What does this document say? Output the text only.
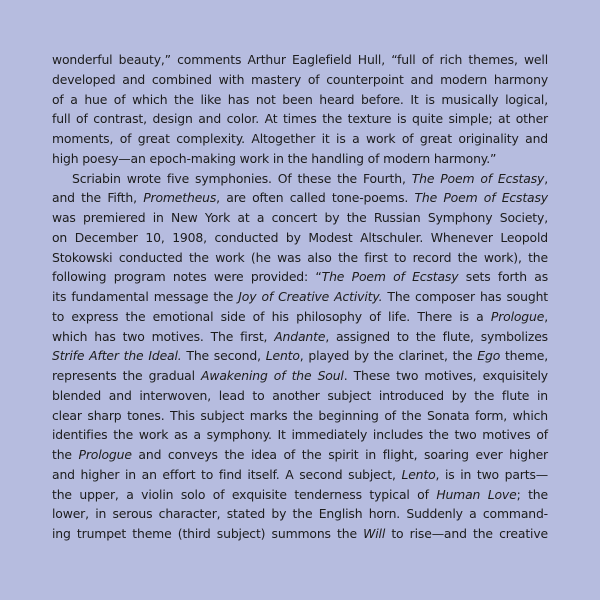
wonderful beauty,” comments Arthur Eaglefield Hull, “full of rich themes, well
developed and combined with mastery of counterpoint and modern harmony
of a hue of which the like has not been heard before. It is musically logical,
full of contrast, design and color. At times the texture is quite simple; at other
moments, of great complexity. Altogether it is a work of great originality and
high poesy—an epoch-making work in the handling of modern harmony.”
Scriabin wrote five symphonies. Of these the Fourth, The Poem of Ecstasy,
and the Fifth, Prometheus, are often called tone-poems. The Poem of Ecstasy
was premiered in New York at a concert by the Russian Symphony Society,
on December 10, 1908, conducted by Modest Altschuler. Whenever Leopold
Stokowski conducted the work (he was also the first to record the work), the
following program notes were provided: “The Poem of Ecstasy sets forth as
its fundamental message the Joy of Creative Activity. The composer has sought
to express the emotional side of his philosophy of life. There is a Prologue,
which has two motives. The first, Andante, assigned to the flute, symbolizes
Strife After the Ideal. The second, Lento, played by the clarinet, the Ego theme,
represents the gradual Awakening of the Soul. These two motives, exquisitely
blended and interwoven, lead to another subject introduced by the flute in
clear sharp tones. This subject marks the beginning of the Sonata form, which
identifies the work as a symphony. It immediately includes the two motives of
the Prologue and conveys the idea of the spirit in flight, soaring ever higher
and higher in an effort to find itself. A second subject, Lento, is in two parts—
the upper, a violin solo of exquisite tenderness typical of Human Love; the
lower, in serous character, stated by the English horn. Suddenly a command-
ing trumpet theme (third subject) summons the Will to rise—and the creative
